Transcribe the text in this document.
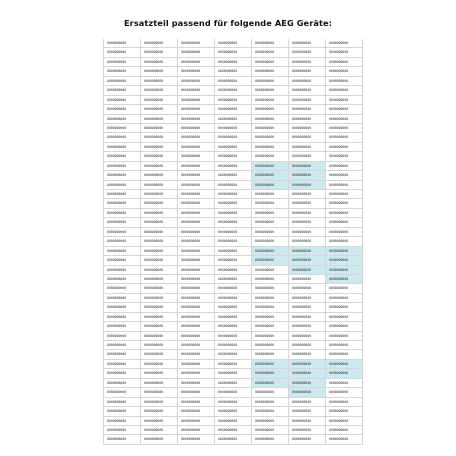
Ersatzteil passend für folgende AEG Geräte:
0000000000	0000000000	0000000000	0000000000	0000000000	0000000000	0000000000
0000000000	0000000000	0000000000	0000000000	0000000000	0000000000	0000000000
0000000000	0000000000	0000000000	0000000000	0000000000	0000000000	0000000000
0000000000	0000000000	0000000000	0000000000	0000000000	0000000000	0000000000
0000000000	0000000000	0000000000	0000000000	0000000000	0000000000	0000000000
0000000000	0000000000	0000000000	0000000000	0000000000	0000000000	0000000000
0000000000	0000000000	0000000000	0000000000	0000000000	0000000000	0000000000
0000000000	0000000000	0000000000	0000000000	0000000000	0000000000	0000000000
0000000000	0000000000	0000000000	0000000000	0000000000	0000000000	0000000000
0000000000	0000000000	0000000000	0000000000	0000000000	0000000000	0000000000
0000000000	0000000000	0000000000	0000000000	0000000000	0000000000	0000000000
0000000000	0000000000	0000000000	0000000000	0000000000	0000000000	0000000000
0000000000	0000000000	0000000000	0000000000	0000000000	0000000000	0000000000
0000000000	0000000000	0000000000	0000000000	0000000000	0000000000	0000000000
0000000000	0000000000	0000000000	0000000000	0000000000	0000000000	0000000000
0000000000	0000000000	0000000000	0000000000	0000000000	0000000000	0000000000
0000000000	0000000000	0000000000	0000000000	0000000000	0000000000	0000000000
0000000000	0000000000	0000000000	0000000000	0000000000	0000000000	0000000000
0000000000	0000000000	0000000000	0000000000	0000000000	0000000000	0000000000
0000000000	0000000000	0000000000	0000000000	0000000000	0000000000	0000000000
0000000000	0000000000	0000000000	0000000000	0000000000	0000000000	0000000000
0000000000	0000000000	0000000000	0000000000	0000000000	0000000000	0000000000
0000000000	0000000000	0000000000	0000000000	0000000000	0000000000	0000000000
0000000000	0000000000	0000000000	0000000000	0000000000	0000000000	0000000000
0000000000	0000000000	0000000000	0000000000	0000000000	0000000000	0000000000
0000000000	0000000000	0000000000	0000000000	0000000000	0000000000	0000000000
0000000000	0000000000	0000000000	0000000000	0000000000	0000000000	0000000000
0000000000	0000000000	0000000000	0000000000	0000000000	0000000000	0000000000
0000000000	0000000000	0000000000	0000000000	0000000000	0000000000	0000000000
0000000000	0000000000	0000000000	0000000000	0000000000	0000000000	0000000000
0000000000	0000000000	0000000000	0000000000	0000000000	0000000000	0000000000
0000000000	0000000000	0000000000	0000000000	0000000000	0000000000	0000000000
0000000000	0000000000	0000000000	0000000000	0000000000	0000000000	0000000000
0000000000	0000000000	0000000000	0000000000	0000000000	0000000000	0000000000
0000000000	0000000000	0000000000	0000000000	0000000000	0000000000	0000000000
0000000000	0000000000	0000000000	0000000000	0000000000	0000000000	0000000000
0000000000	0000000000	0000000000	0000000000	0000000000	0000000000	0000000000
0000000000	0000000000	0000000000	0000000000	0000000000	0000000000	0000000000
0000000000	0000000000	0000000000	0000000000	0000000000	0000000000	0000000000
0000000000	0000000000	0000000000	0000000000	0000000000	0000000000	0000000000
0000000000	0000000000	0000000000	0000000000	0000000000	0000000000	0000000000
0000000000	0000000000	0000000000	0000000000	0000000000	0000000000	0000000000
0000000000	0000000000	0000000000	0000000000	0000000000	0000000000	0000000000
